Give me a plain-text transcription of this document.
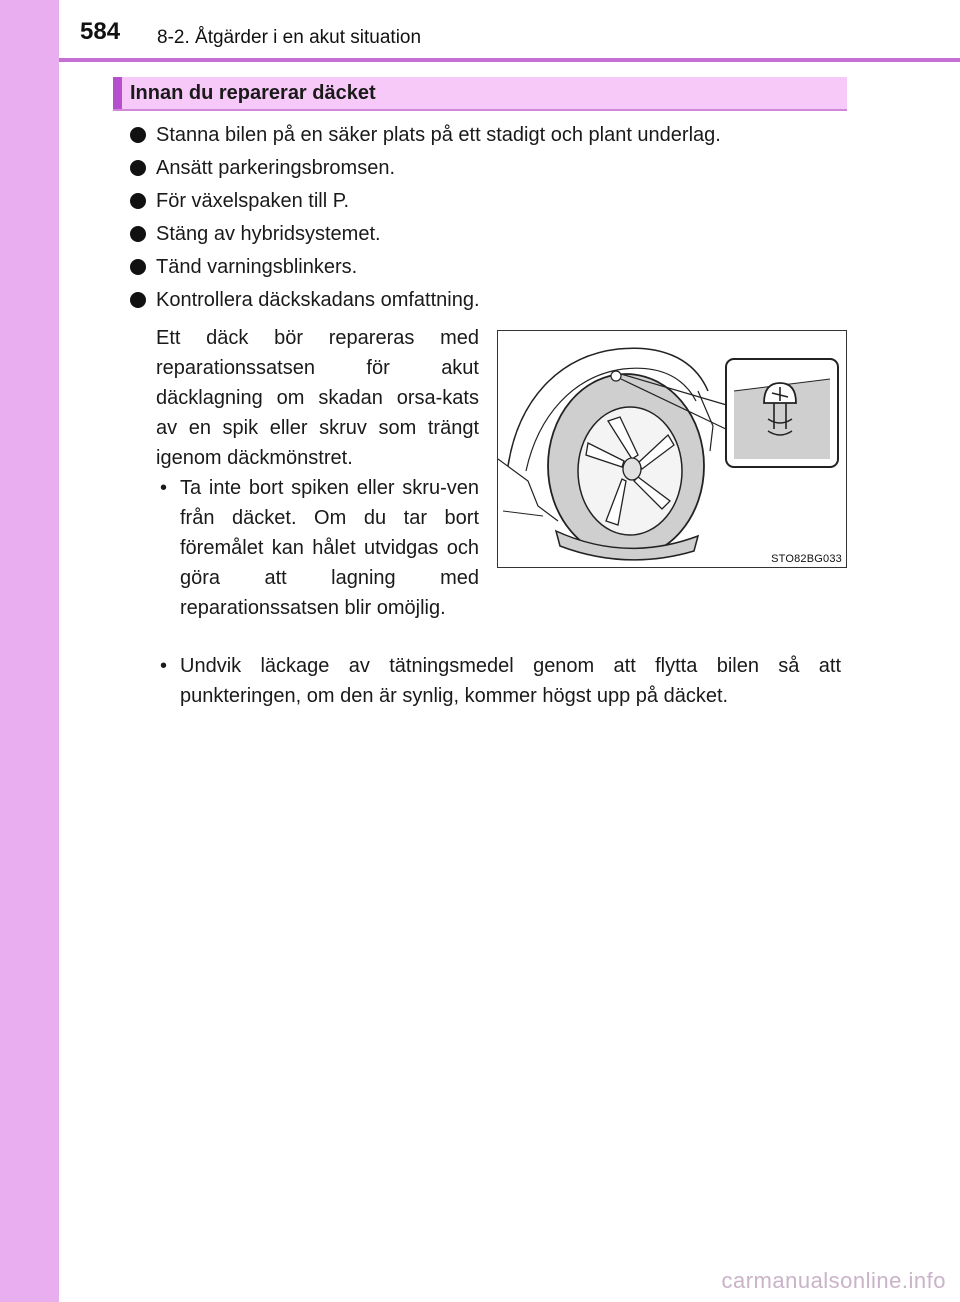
584 8-2. Åtgärder i en akut situation
Innan du reparerar däcket
Stanna bilen på en säker plats på ett stadigt och plant underlag.
Ansätt parkeringsbromsen.
För växelspaken till P.
Stäng av hybridsystemet.
Tänd varningsblinkers.
Kontrollera däckskadans omfattning.

Ett däck bör repareras med reparationssatsen för akut däcklagning om skadan orsa-kats av en spik eller skruv som trängt igenom däckmönstret.

• Ta inte bort spiken eller skru-ven från däcket. Om du tar bort föremålet kan hålet utvidgas och göra att lagning med reparationssatsen blir omöjlig.
• Undvik läckage av tätningsmedel genom att flytta bilen så att punkteringen, om den är synlig, kommer högst upp på däcket.
STO82BG033
carmanualsonline.info
